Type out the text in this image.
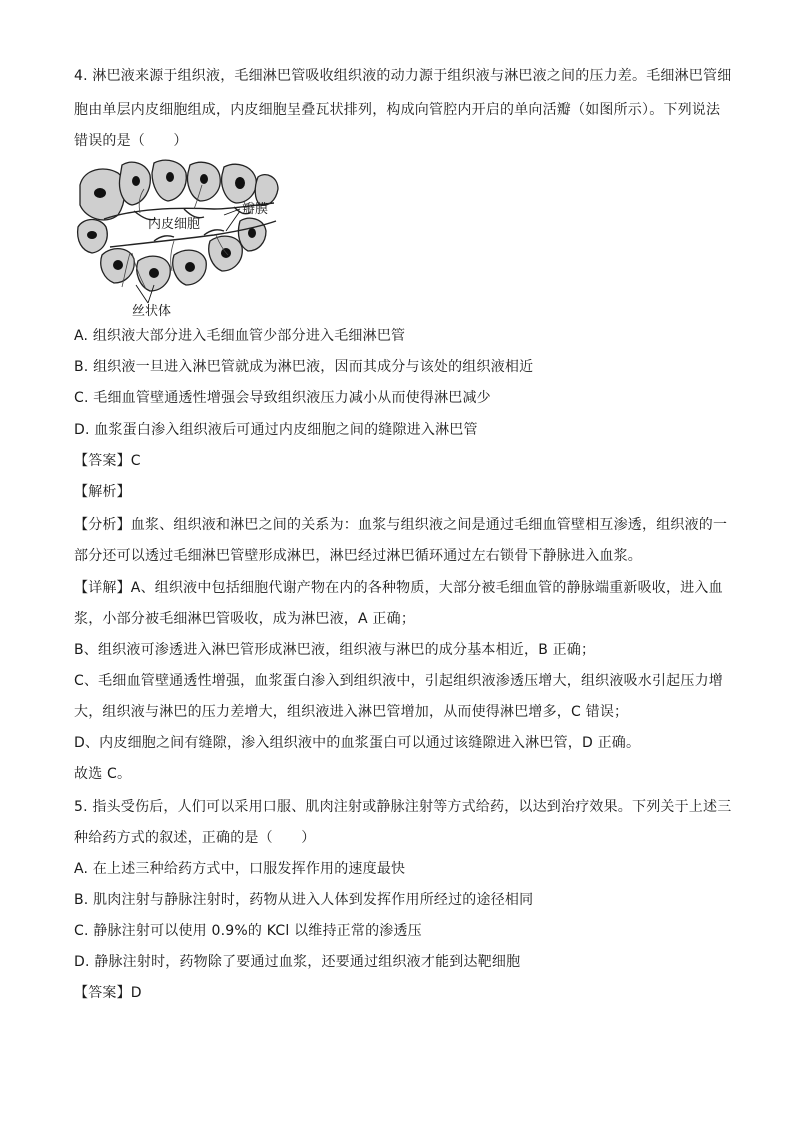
4. 淋巴液来源于组织液，毛细淋巴管吸收组织液的动力源于组织液与淋巴液之间的压力差。毛细淋巴管细
胞由单层内皮细胞组成，内皮细胞呈叠瓦状排列，构成向管腔内开启的单向活瓣（如图所示）。下列说法
错误的是（　　）
内皮细胞
瓣膜
丝状体
A. 组织液大部分进入毛细血管少部分进入毛细淋巴管
B. 组织液一旦进入淋巴管就成为淋巴液，因而其成分与该处的组织液相近
C. 毛细血管壁通透性增强会导致组织液压力减小从而使得淋巴减少
D. 血浆蛋白渗入组织液后可通过内皮细胞之间的缝隙进入淋巴管
【答案】C
【解析】
【分析】血浆、组织液和淋巴之间的关系为：血浆与组织液之间是通过毛细血管壁相互渗透，组织液的一
部分还可以透过毛细淋巴管壁形成淋巴，淋巴经过淋巴循环通过左右锁骨下静脉进入血浆。
【详解】A、组织液中包括细胞代谢产物在内的各种物质，大部分被毛细血管的静脉端重新吸收，进入血
浆，小部分被毛细淋巴管吸收，成为淋巴液，A 正确；
B、组织液可渗透进入淋巴管形成淋巴液，组织液与淋巴的成分基本相近，B 正确；
C、毛细血管壁通透性增强，血浆蛋白渗入到组织液中，引起组织液渗透压增大，组织液吸水引起压力增
大，组织液与淋巴的压力差增大，组织液进入淋巴管增加，从而使得淋巴增多，C 错误；
D、内皮细胞之间有缝隙，渗入组织液中的血浆蛋白可以通过该缝隙进入淋巴管，D 正确。
故选 C。
5. 指头受伤后，人们可以采用口服、肌肉注射或静脉注射等方式给药，以达到治疗效果。下列关于上述三
种给药方式的叙述，正确的是（　　）
A. 在上述三种给药方式中，口服发挥作用的速度最快
B. 肌肉注射与静脉注射时，药物从进入人体到发挥作用所经过的途径相同
C. 静脉注射可以使用 0.9%的 KCl 以维持正常的渗透压
D. 静脉注射时，药物除了要通过血浆，还要通过组织液才能到达靶细胞
【答案】D
